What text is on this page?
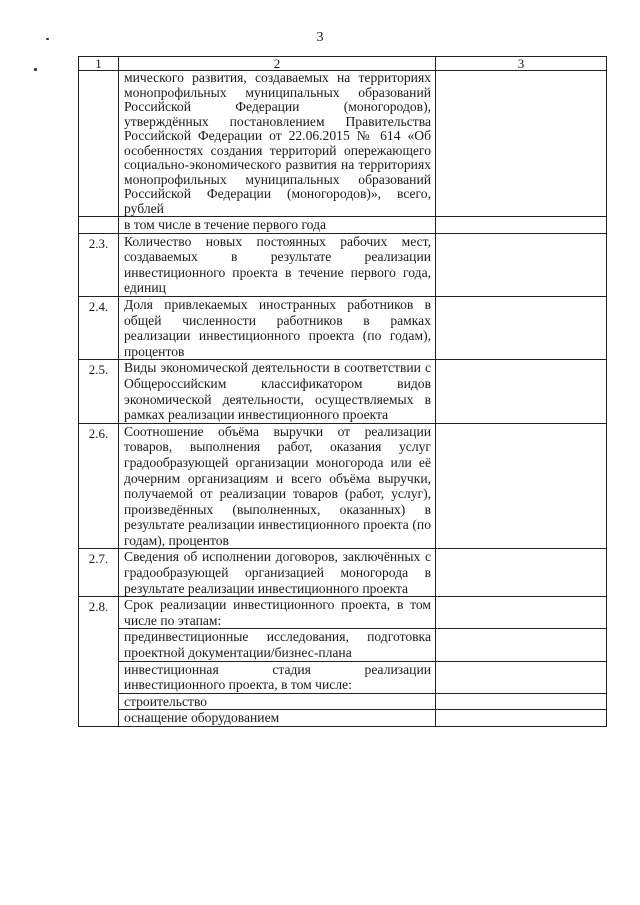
3
1	2	3
	мического развития, создаваемых на территориях монопрофильных муниципальных образований Российской Федерации (моногородов), утверждённых постановлением Правительства Российской Федерации от 22.06.2015 № 614 «Об особенностях создания территорий опережающего социально-экономического развития на территориях монопрофильных муниципальных образований Российской Федерации (моногородов)», всего, рублей	
	в том числе в течение первого года	
2.3.	Количество новых постоянных рабочих мест, создаваемых в результате реализации инвестиционного проекта в течение первого года, единиц	
2.4.	Доля привлекаемых иностранных работников в общей численности работников в рамках реализации инвестиционного проекта (по годам), процентов	
2.5.	Виды экономической деятельности в соответствии с Общероссийским классификатором видов экономической деятельности, осуществляемых в рамках реализации инвестиционного проекта	
2.6.	Соотношение объёма выручки от реализации товаров, выполнения работ, оказания услуг градообразующей организации моногорода или её дочерним организациям и всего объёма выручки, получаемой от реализации товаров (работ, услуг), произведённых (выполненных, оказанных) в результате реализации инвестиционного проекта (по годам), процентов	
2.7.	Сведения об исполнении договоров, заключённых с градообразующей организацией моногорода в результате реализации инвестиционного проекта	
2.8.	Срок реализации инвестиционного проекта, в том числе по этапам:	
	прединвестиционные исследования, подготовка проектной документации/бизнес-плана	
	инвестиционная стадия реализации инвестиционного проекта, в том числе:	
	строительство	
	оснащение оборудованием	
